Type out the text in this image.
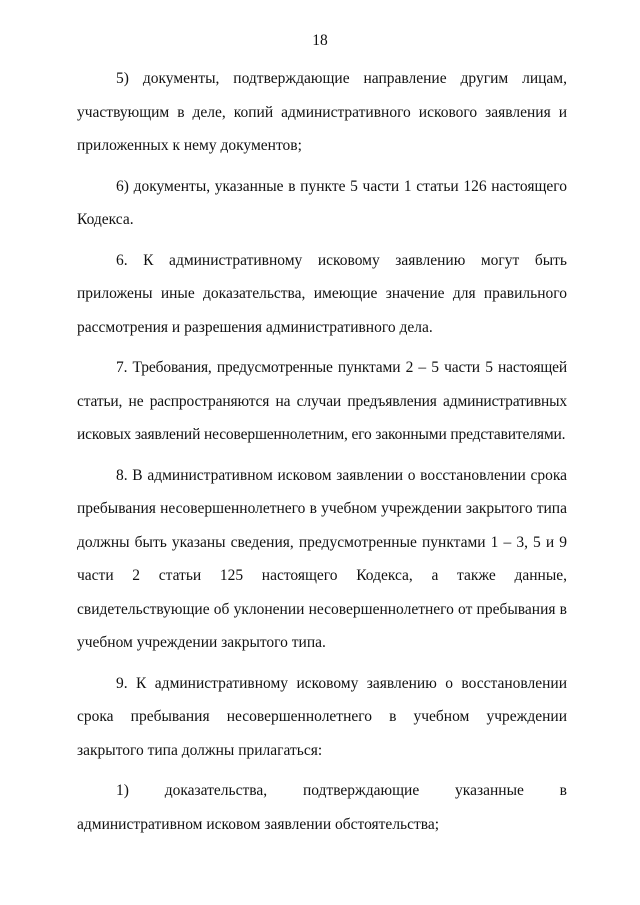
18

5) документы, подтверждающие направление другим лицам, участвующим в деле, копий административного искового заявления и приложенных к нему документов;

6) документы, указанные в пункте 5 части 1 статьи 126 настоящего Кодекса.

6. К административному исковому заявлению могут быть приложены иные доказательства, имеющие значение для правильного рассмотрения и разрешения административного дела.

7. Требования, предусмотренные пунктами 2 – 5 части 5 настоящей статьи, не распространяются на случаи предъявления административных исковых заявлений несовершеннолетним, его законными представителями.

8. В административном исковом заявлении о восстановлении срока пребывания несовершеннолетнего в учебном учреждении закрытого типа должны быть указаны сведения, предусмотренные пунктами 1 – 3, 5 и 9 части 2 статьи 125 настоящего Кодекса, а также данные, свидетельствующие об уклонении несовершеннолетнего от пребывания в учебном учреждении закрытого типа.

9. К административному исковому заявлению о восстановлении срока пребывания несовершеннолетнего в учебном учреждении закрытого типа должны прилагаться:

1) доказательства, подтверждающие указанные в административном исковом заявлении обстоятельства;
